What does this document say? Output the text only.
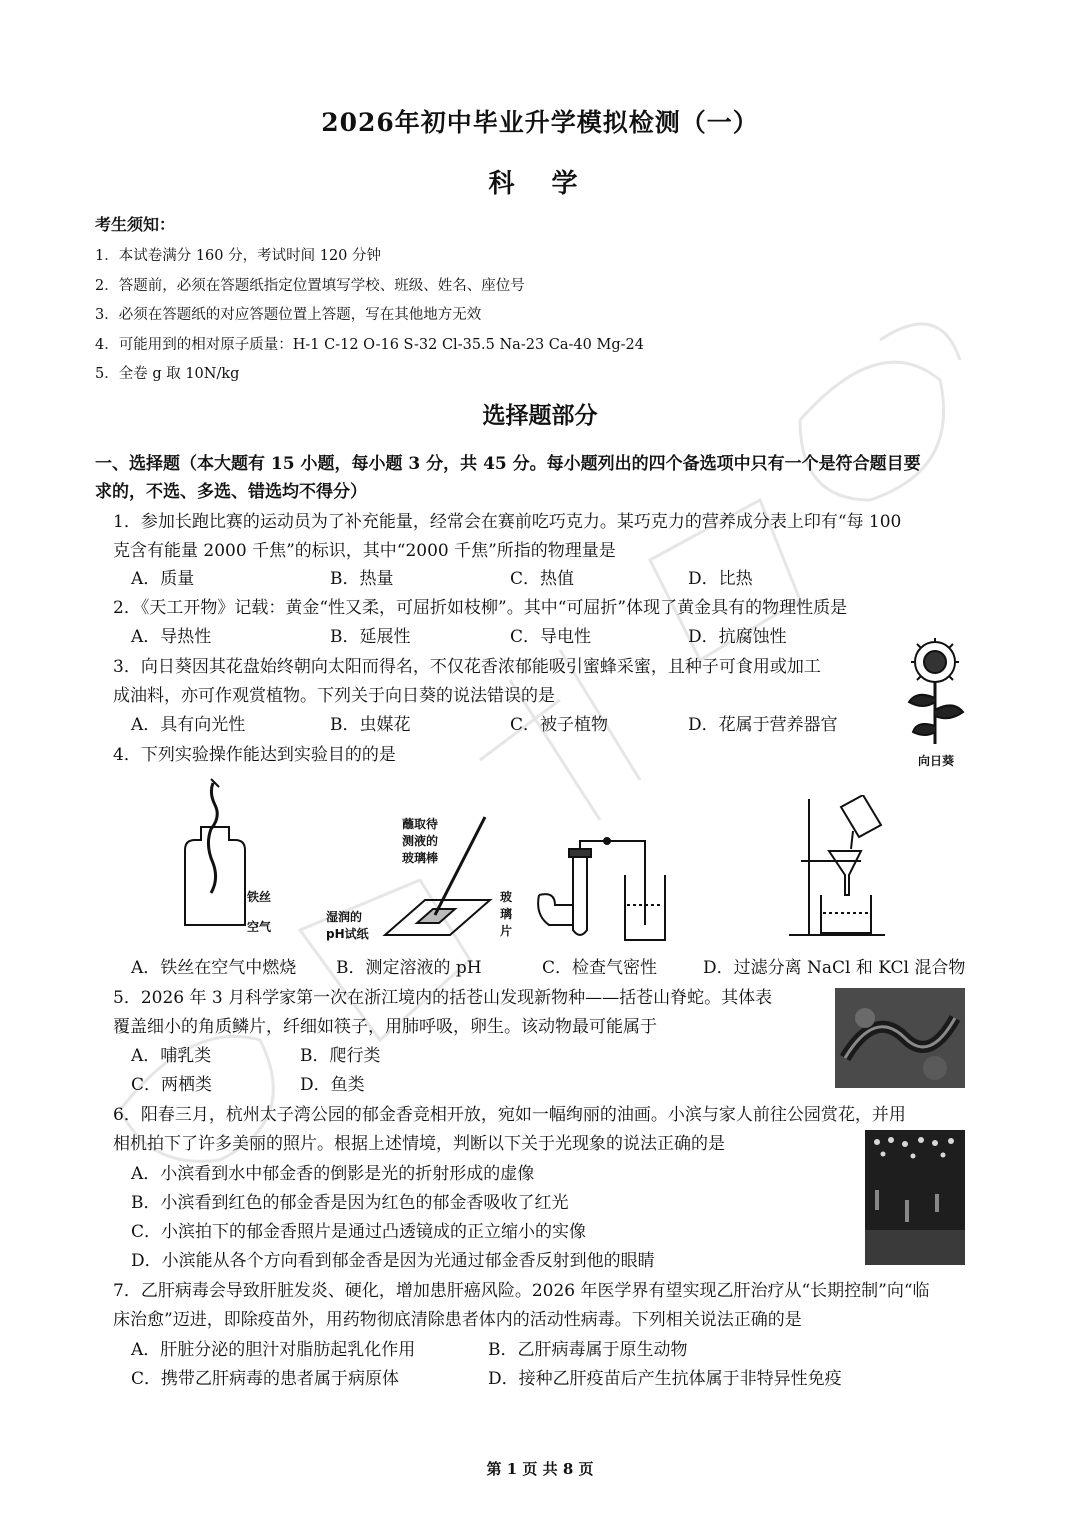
2026年初中毕业升学模拟检测（一）
科 学
考生须知：
1．本试卷满分 160 分，考试时间 120 分钟
2．答题前，必须在答题纸指定位置填写学校、班级、姓名、座位号
3．必须在答题纸的对应答题位置上答题，写在其他地方无效
4．可能用到的相对原子质量：H-1 C-12 O-16 S-32 Cl-35.5 Na-23 Ca-40 Mg-24
5．全卷 g 取 10N/kg
选择题部分
一、选择题（本大题有 15 小题，每小题 3 分，共 45 分。每小题列出的四个备选项中只有一个是符合题目要
求的，不选、多选、错选均不得分）
1．参加长跑比赛的运动员为了补充能量，经常会在赛前吃巧克力。某巧克力的营养成分表上印有“每 100
克含有能量 2000 千焦”的标识，其中“2000 千焦”所指的物理量是
A．质量	B．热量	C．热值	D．比热
2．《天工开物》记载：黄金“性又柔，可屈折如枝柳”。其中“可屈折”体现了黄金具有的物理性质是
A．导热性	B．延展性	C．导电性	D．抗腐蚀性
3．向日葵因其花盘始终朝向太阳而得名，不仅花香浓郁能吸引蜜蜂采蜜，且种子可食用或加工
成油料，亦可作观赏植物。下列关于向日葵的说法错误的是
A．具有向光性	B．虫媒花	C．被子植物	D．花属于营养器官
向日葵
4．下列实验操作能达到实验目的的是
铁丝
空气
蘸取待
测液的
玻璃棒
湿润的
pH试纸
玻
璃
片
A．铁丝在空气中燃烧 B．测定溶液的 pH	C．检查气密性	D．过滤分离 NaCl 和 KCl 混合物
5．2026 年 3 月科学家第一次在浙江境内的括苍山发现新物种——括苍山脊蛇。其体表
覆盖细小的角质鳞片，纤细如筷子，用肺呼吸，卵生。该动物最可能属于
A．哺乳类	B．爬行类
C．两栖类	D．鱼类
6．阳春三月，杭州太子湾公园的郁金香竞相开放，宛如一幅绚丽的油画。小滨与家人前往公园赏花，并用
相机拍下了许多美丽的照片。根据上述情境，判断以下关于光现象的说法正确的是
A．小滨看到水中郁金香的倒影是光的折射形成的虚像
B．小滨看到红色的郁金香是因为红色的郁金香吸收了红光
C．小滨拍下的郁金香照片是通过凸透镜成的正立缩小的实像
D．小滨能从各个方向看到郁金香是因为光通过郁金香反射到他的眼睛
7．乙肝病毒会导致肝脏发炎、硬化，增加患肝癌风险。2026 年医学界有望实现乙肝治疗从“长期控制”向“临
床治愈”迈进，即除疫苗外，用药物彻底清除患者体内的活动性病毒。下列相关说法正确的是
A．肝脏分泌的胆汁对脂肪起乳化作用	B．乙肝病毒属于原生动物
C．携带乙肝病毒的患者属于病原体	D．接种乙肝疫苗后产生抗体属于非特异性免疫
第 1 页 共 8 页
